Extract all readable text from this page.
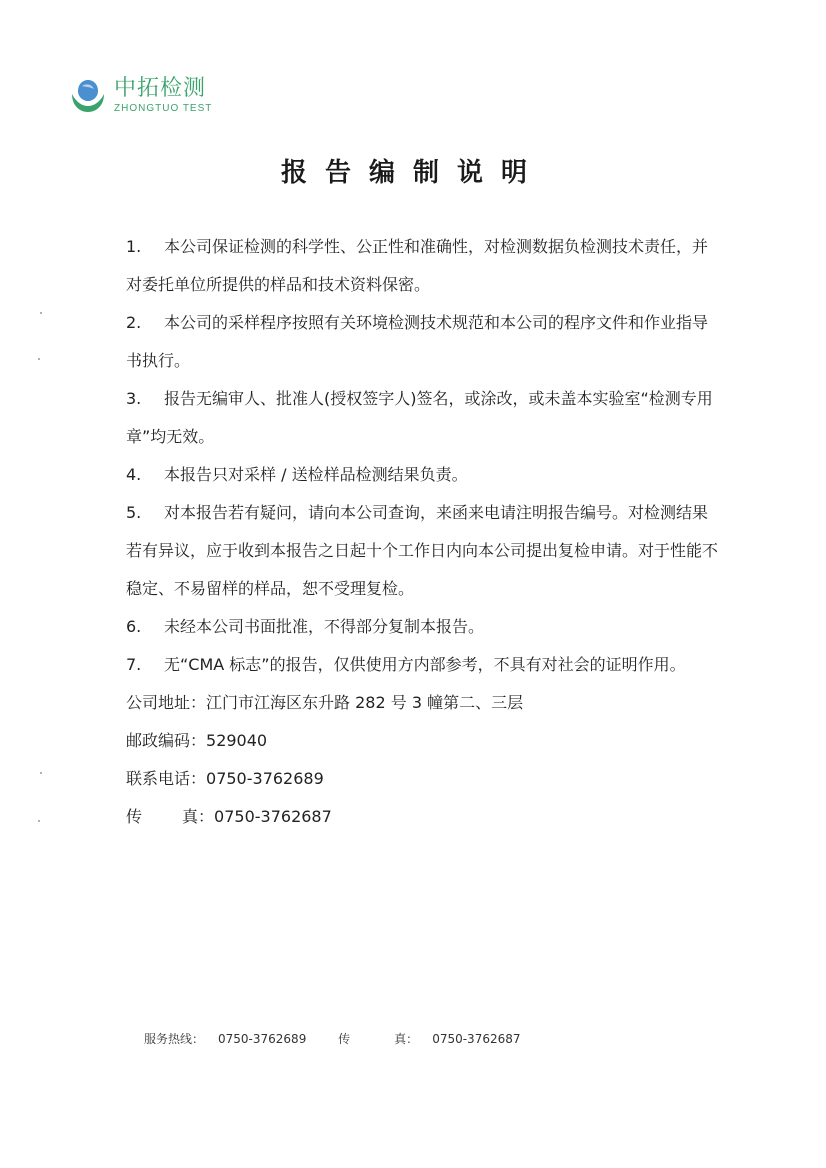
中拓检测
ZHONGTUO TEST
报告编制说明

1. 本公司保证检测的科学性、公正性和准确性，对检测数据负检测技术责任，并对委托单位所提供的样品和技术资料保密。

2. 本公司的采样程序按照有关环境检测技术规范和本公司的程序文件和作业指导书执行。

3. 报告无编审人、批准人(授权签字人)签名，或涂改，或未盖本实验室“检测专用章”均无效。

4. 本报告只对采样 / 送检样品检测结果负责。

5. 对本报告若有疑问，请向本公司查询，来函来电请注明报告编号。对检测结果若有异议，应于收到本报告之日起十个工作日内向本公司提出复检申请。对于性能不稳定、不易留样的样品，恕不受理复检。

6. 未经本公司书面批准，不得部分复制本报告。

7. 无“CMA 标志”的报告，仅供使用方内部参考，不具有对社会的证明作用。

公司地址：江门市江海区东升路 282 号 3 幢第二、三层

邮政编码：529040

联系电话：0750-3762689

传	真：0750-3762687

服务热线： 0750-3762689	传	真： 0750-3762687
